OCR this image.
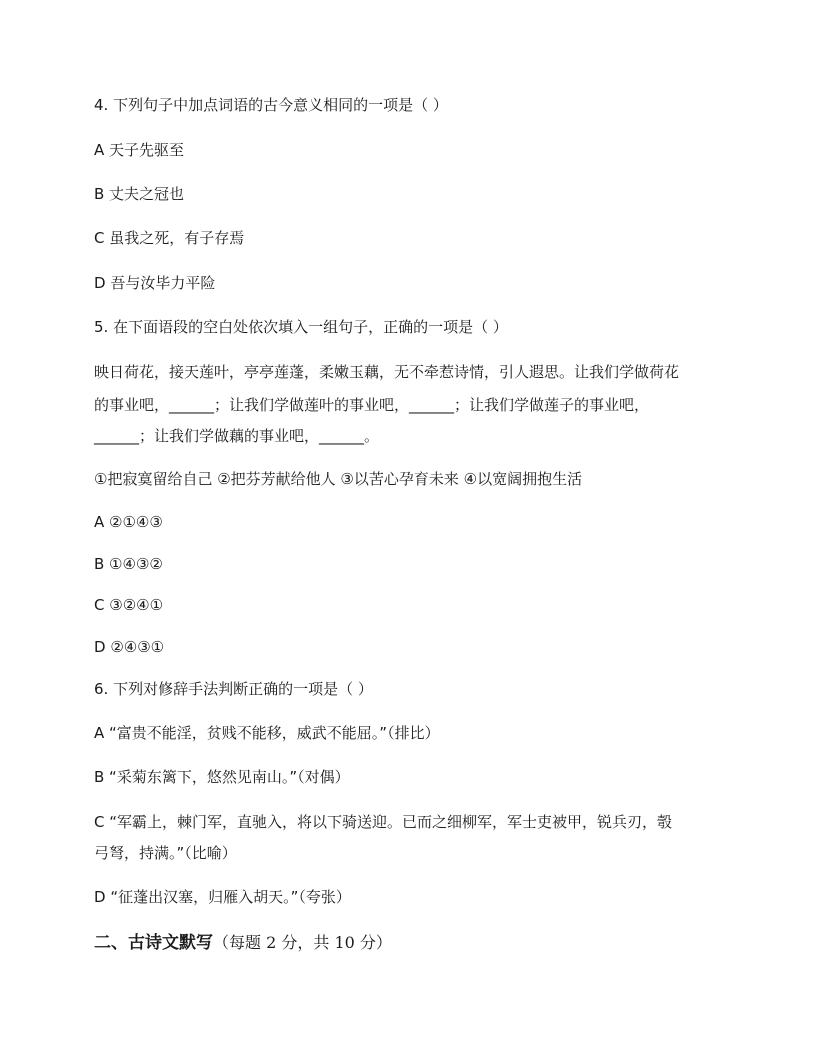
4. 下列句子中加点词语的古今意义相同的一项是（ ）
A 天子先驱至
B 丈夫之冠也
C 虽我之死，有子存焉
D 吾与汝毕力平险
5. 在下面语段的空白处依次填入一组句子，正确的一项是（ ）
映日荷花，接天莲叶，亭亭莲蓬，柔嫩玉藕，无不牵惹诗情，引人遐思。让我们学做荷花
的事业吧，______；让我们学做莲叶的事业吧，______；让我们学做莲子的事业吧，
______；让我们学做藕的事业吧，______。
①把寂寞留给自己 ②把芬芳献给他人 ③以苦心孕育未来 ④以宽阔拥抱生活
A ②①④③
B ①④③②
C ③②④①
D ②④③①
6. 下列对修辞手法判断正确的一项是（ ）
A “富贵不能淫，贫贱不能移，威武不能屈。”（排比）
B “采菊东篱下，悠然见南山。”（对偶）
C “军霸上，棘门军，直驰入，将以下骑送迎。已而之细柳军，军士吏被甲，锐兵刃，彀
弓弩，持满。”（比喻）
D “征蓬出汉塞，归雁入胡天。”（夸张）
二、古诗文默写（每题 2 分，共 10 分）
